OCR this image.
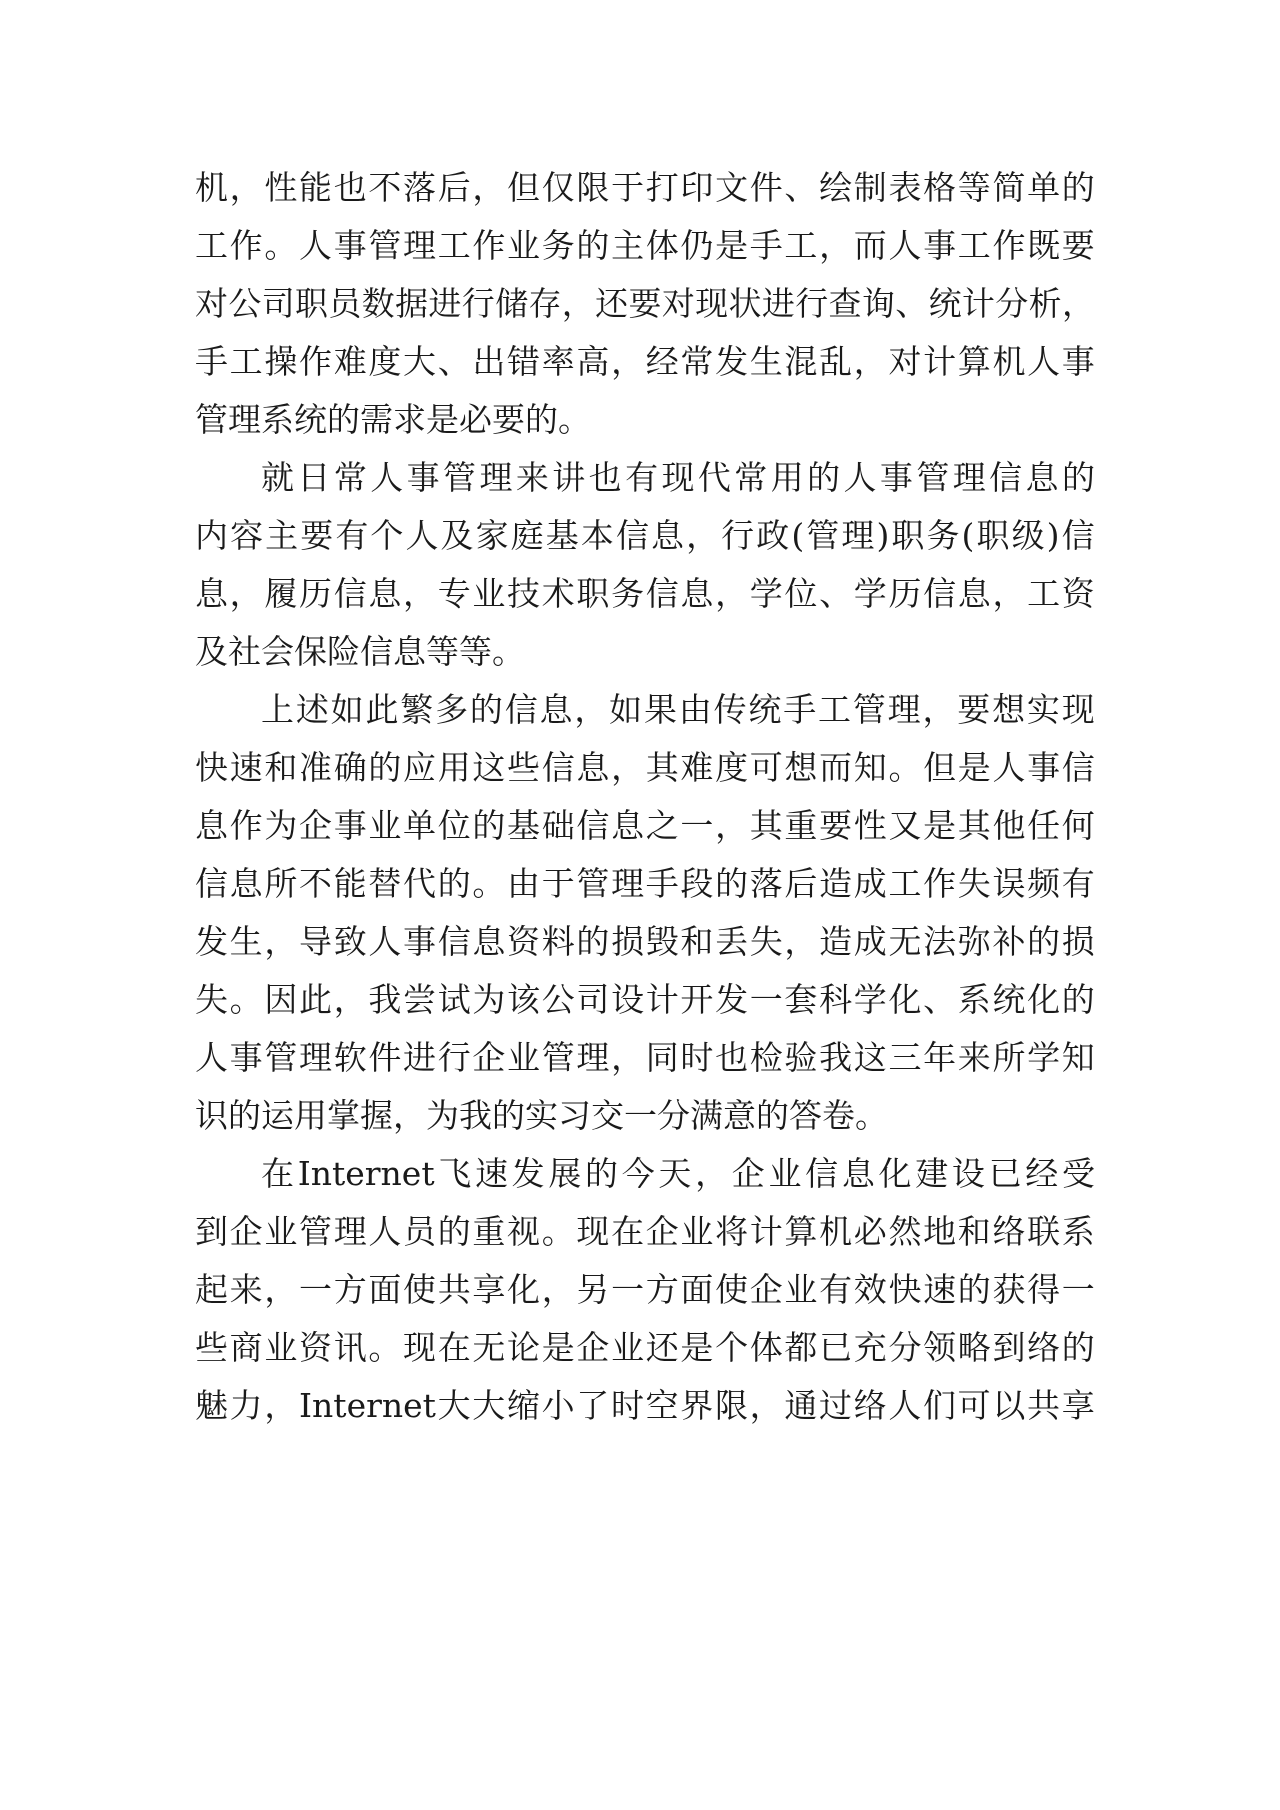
机 ， 性 能 也 不 落 后 ， 但 仅 限 于 打 印 文 件 、 绘 制 表 格 等 简 单 的
工 作 。 人 事 管 理 工 作 业 务 的 主 体 仍 是 手 工 ， 而 人 事 工 作 既 要
对 公 司 职 员 数 据 进 行 储 存 ， 还 要 对 现 状 进 行 查 询 、 统 计 分 析 ，
手 工 操 作 难 度 大 、 出 错 率 高 ， 经 常 发 生 混 乱 ， 对 计 算 机 人 事
管 理 系 统 的 需 求 是 必 要 的 。
就 日 常 人 事 管 理 来 讲 也 有 现 代 常 用 的 人 事 管 理 信 息 的
内 容 主 要 有 个 人 及 家 庭 基 本 信 息 ， 行 政 ( 管 理 ) 职 务 ( 职 级 ) 信
息 ， 履 历 信 息 ， 专 业 技 术 职 务 信 息 ， 学 位 、 学 历 信 息 ， 工 资
及 社 会 保 险 信 息 等 等 。
上 述 如 此 繁 多 的 信 息 ， 如 果 由 传 统 手 工 管 理 ， 要 想 实 现
快 速 和 准 确 的 应 用 这 些 信 息 ， 其 难 度 可 想 而 知 。 但 是 人 事 信
息 作 为 企 事 业 单 位 的 基 础 信 息 之 一 ， 其 重 要 性 又 是 其 他 任 何
信 息 所 不 能 替 代 的 。 由 于 管 理 手 段 的 落 后 造 成 工 作 失 误 频 有
发 生 ， 导 致 人 事 信 息 资 料 的 损 毁 和 丢 失 ， 造 成 无 法 弥 补 的 损
失 。 因 此 ， 我 尝 试 为 该 公 司 设 计 开 发 一 套 科 学 化 、 系 统 化 的
人 事 管 理 软 件 进 行 企 业 管 理 ， 同 时 也 检 验 我 这 三 年 来 所 学 知
识 的 运 用 掌 握 ， 为 我 的 实 习 交 一 分 满 意 的 答 卷 。
在 Internet 飞 速 发 展 的 今 天 ， 企 业 信 息 化 建 设 已 经 受
到 企 业 管 理 人 员 的 重 视 。 现 在 企 业 将 计 算 机 必 然 地 和 络 联 系
起 来 ， 一 方 面 使 共 享 化 ， 另 一 方 面 使 企 业 有 效 快 速 的 获 得 一
些 商 业 资 讯 。 现 在 无 论 是 企 业 还 是 个 体 都 已 充 分 领 略 到 络 的
魅 力 ， Internet 大 大 缩 小 了 时 空 界 限 ， 通 过 络 人 们 可 以 共 享
